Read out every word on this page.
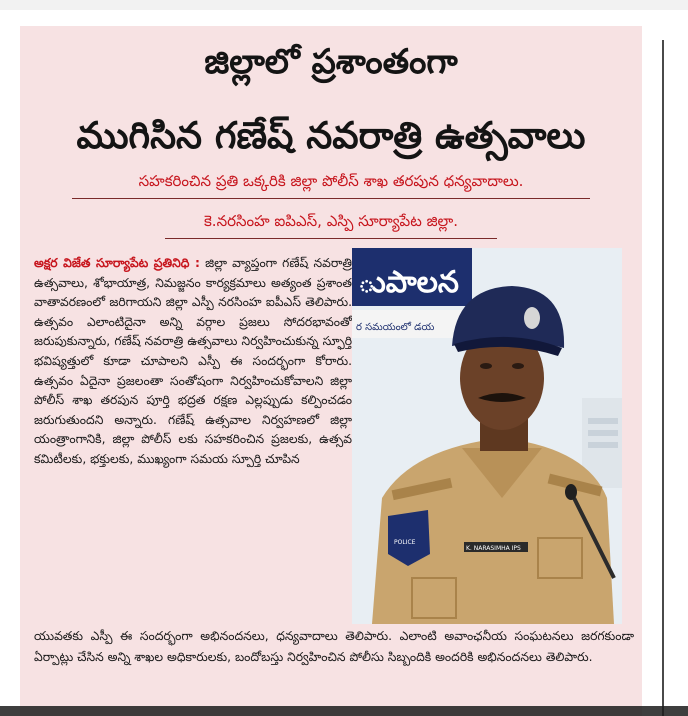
జిల్లాలో ప్రశాంతంగా
ముగిసిన గణేష్ నవరాత్రి ఉత్సవాలు
సహకరించిన ప్రతి ఒక్కరికి జిల్లా పోలీస్ శాఖ తరపున ధన్యవాదాలు.
కె.నరసింహ ఐపిఎస్, ఎస్పి సూర్యాపేట జిల్లా.
అక్షర విజేత సూర్యాపేట ప్రతినిధి : జిల్లా వ్యాప్తంగా గణేష్ నవరాత్రి ఉత్సవాలు, శోభాయాత్ర, నిమజ్జనం కార్యక్రమాలు అత్యంత ప్రశాంత వాతావరణంలో జరిగాయని జిల్లా ఎస్పీ నరసింహ ఐపీఎస్ తెలిపారు. ఉత్సవం ఎలాంటిదైనా అన్ని వర్గాల ప్రజలు సోదరభావంతో జరుపుకున్నారు, గణేష్ నవరాత్రి ఉత్సవాలు నిర్వహించుకున్న స్ఫూర్తి భవిష్యత్తులో కూడా చూపాలని ఎస్పీ ఈ సందర్భంగా కోరారు. ఉత్సవం ఏదైనా ప్రజలంతా సంతోషంగా నిర్వహించుకోవాలని జిల్లా పోలీస్ శాఖ తరపున పూర్తి భద్రత రక్షణ ఎల్లప్పుడు కల్పించడం జరుగుతుందని అన్నారు. గణేష్ ఉత్సవాల నిర్వహణలో జిల్లా యంత్రాంగానికి, జిల్లా పోలీస్ లకు సహకరించిన ప్రజలకు, ఉత్సవ కమిటీలకు, భక్తులకు, ముఖ్యంగా సమయ స్పూర్తి చూపిన
ుపాలన
ర సమయంలో డయ
POLICE
K. NARASIMHA IPS
యువతకు ఎస్పీ ఈ సందర్భంగా అభినందనలు, ధన్యవాదాలు తెలిపారు. ఎలాంటి అవాంఛనీయ సంఘటనలు జరగకుండా ఏర్పాట్లు చేసిన అన్ని శాఖల అధికారులకు, బందోబస్తు నిర్వహించిన పోలీసు సిబ్బందికి అందరికి అభినందనలు తెలిపారు.
